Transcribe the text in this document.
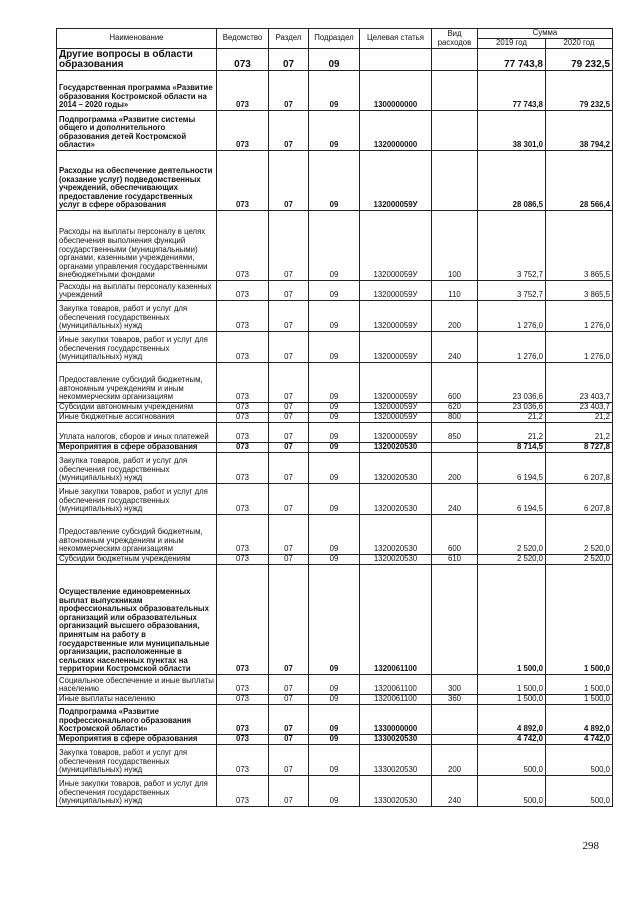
Наименование	Ведомство	Раздел	Подраздел	Целевая статья	Вид расходов	Сумма	
						2019 год	2020 год
Другие вопросы в области образования	073	07	09			77 743,8	79 232,5
Государственная программа «Развитие образования Костромской области на 2014 – 2020 годы»	073	07	09	1300000000		77 743,8	79 232,5
Подпрограмма «Развитие системы общего и дополнительного образования детей Костромской области»	073	07	09	1320000000		38 301,0	38 794,2
Расходы на обеспечение деятельности (оказание услуг) подведомственных учреждений, обеспечивающих предоставление государственных услуг в сфере образования	073	07	09	132000059У		28 086,5	28 566,4
Расходы на выплаты персоналу в целях обеспечения выполнения функций государственными (муниципальными) органами, казенными учреждениями, органами управления государственными внебюджетными фондами	073	07	09	132000059У	100	3 752,7	3 865,5
Расходы на выплаты персоналу казенных учреждений	073	07	09	132000059У	110	3 752,7	3 865,5
Закупка товаров, работ и услуг для обеспечения государственных (муниципальных) нужд	073	07	09	132000059У	200	1 276,0	1 276,0
Иные закупки товаров, работ и услуг для обеспечения государственных (муниципальных) нужд	073	07	09	132000059У	240	1 276,0	1 276,0
Предоставление субсидий бюджетным, автономным учреждениям и иным некоммерческим организациям	073	07	09	132000059У	600	23 036,6	23 403,7
Субсидии автономным учреждениям	073	07	09	132000059У	620	23 036,6	23 403,7
Иные бюджетные ассигнования	073	07	09	132000059У	800	21,2	21,2
Уплата налогов, сборов и иных платежей	073	07	09	132000059У	850	21,2	21,2
Мероприятия в сфере образования	073	07	09	1320020530		8 714,5	8 727,8
Закупка товаров, работ и услуг для обеспечения государственных (муниципальных) нужд	073	07	09	1320020530	200	6 194,5	6 207,8
Иные закупки товаров, работ и услуг для обеспечения государственных (муниципальных) нужд	073	07	09	1320020530	240	6 194,5	6 207,8
Предоставление субсидий бюджетным, автономным учреждениям и иным некоммерческим организациям	073	07	09	1320020530	600	2 520,0	2 520,0
Субсидии бюджетным учреждениям	073	07	09	1320020530	610	2 520,0	2 520,0
Осуществление единовременных выплат выпускникам профессиональных образовательных организаций или образовательных организаций высшего образования, принятым на работу в государственные или муниципальные организации, расположенные в сельских населенных пунктах на территории Костромской области	073	07	09	1320061100		1 500,0	1 500,0
Социальное обеспечение и иные выплаты населению	073	07	09	1320061100	300	1 500,0	1 500,0
Иные выплаты населению	073	07	09	1320061100	360	1 500,0	1 500,0
Подпрограмма «Развитие профессионального образования Костромской области»	073	07	09	1330000000		4 892,0	4 892,0
Мероприятия в сфере образования	073	07	09	1330020530		4 742,0	4 742,0
Закупка товаров, работ и услуг для обеспечения государственных (муниципальных) нужд	073	07	09	1330020530	200	500,0	500,0
Иные закупки товаров, работ и услуг для обеспечения государственных (муниципальных) нужд	073	07	09	1330020530	240	500,0	500,0
298
